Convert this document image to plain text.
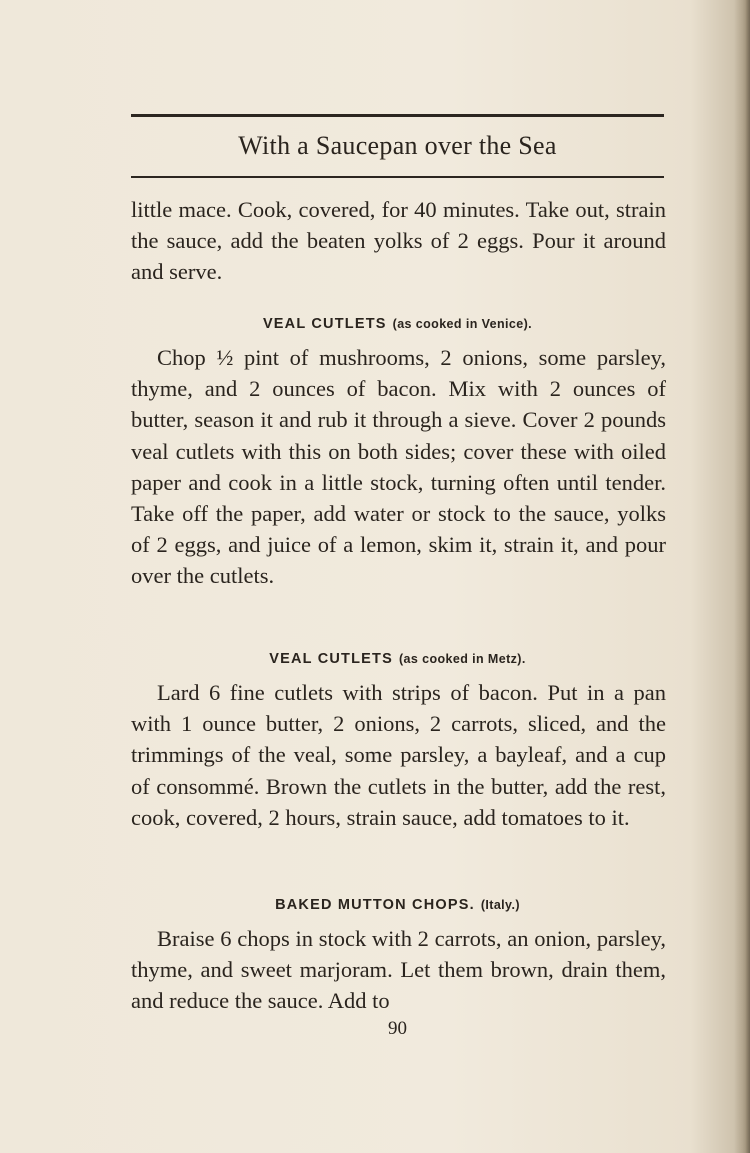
With a Saucepan over the Sea

little mace. Cook, covered, for 40 minutes. Take out, strain the sauce, add the beaten yolks of 2 eggs. Pour it around and serve.

VEAL CUTLETS (as cooked in Venice).

Chop ½ pint of mushrooms, 2 onions, some parsley, thyme, and 2 ounces of bacon. Mix with 2 ounces of butter, season it and rub it through a sieve. Cover 2 pounds veal cutlets with this on both sides; cover these with oiled paper and cook in a little stock, turning often until tender. Take off the paper, add water or stock to the sauce, yolks of 2 eggs, and juice of a lemon, skim it, strain it, and pour over the cutlets.

VEAL CUTLETS (as cooked in Metz).

Lard 6 fine cutlets with strips of bacon. Put in a pan with 1 ounce butter, 2 onions, 2 carrots, sliced, and the trimmings of the veal, some parsley, a bayleaf, and a cup of consommé. Brown the cutlets in the butter, add the rest, cook, covered, 2 hours, strain sauce, add tomatoes to it.

BAKED MUTTON CHOPS. (Italy.)

Braise 6 chops in stock with 2 carrots, an onion, parsley, thyme, and sweet marjoram. Let them brown, drain them, and reduce the sauce. Add to

90
